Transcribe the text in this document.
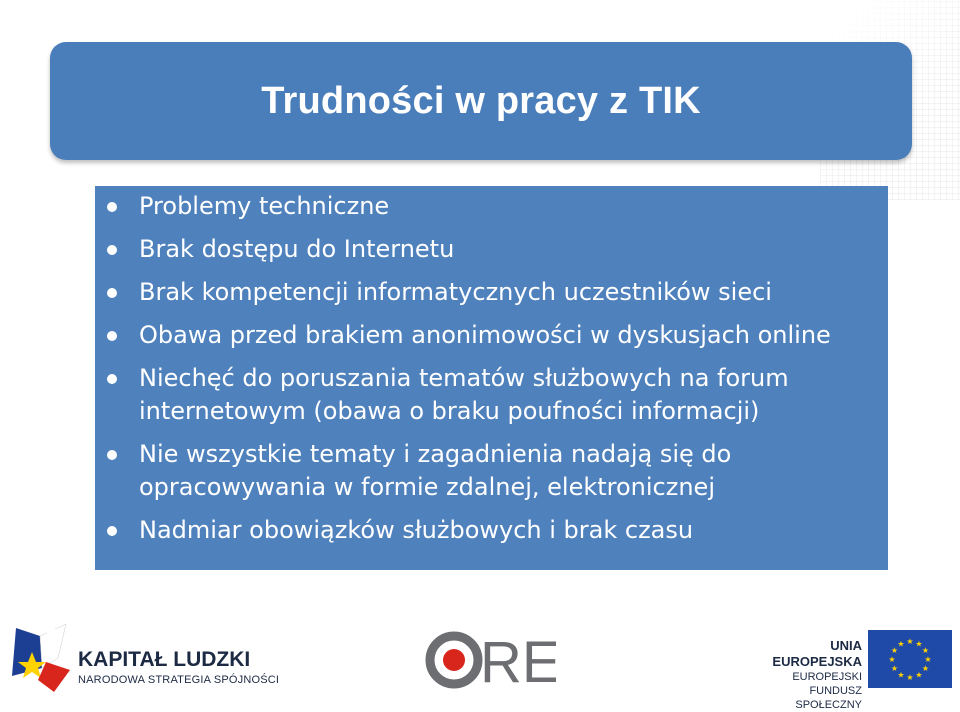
Trudności w pracy z TIK
Problemy techniczne
Brak dostępu do Internetu
Brak kompetencji informatycznych uczestników sieci
Obawa przed brakiem anonimowości w dyskusjach online
Niechęć do poruszania tematów służbowych na forum internetowym (obawa o braku poufności informacji)
Nie wszystkie tematy i zagadnienia nadają się do opracowywania w formie zdalnej, elektronicznej
Nadmiar obowiązków służbowych i brak czasu
KAPITAŁ LUDZKI
NARODOWA STRATEGIA SPÓJNOŚCI	RE	UNIA EUROPEJSKA
EUROPEJSKI
FUNDUSZ SPOŁECZNY
★ ★
★
★
★
★
★
★
★
★
★
★
